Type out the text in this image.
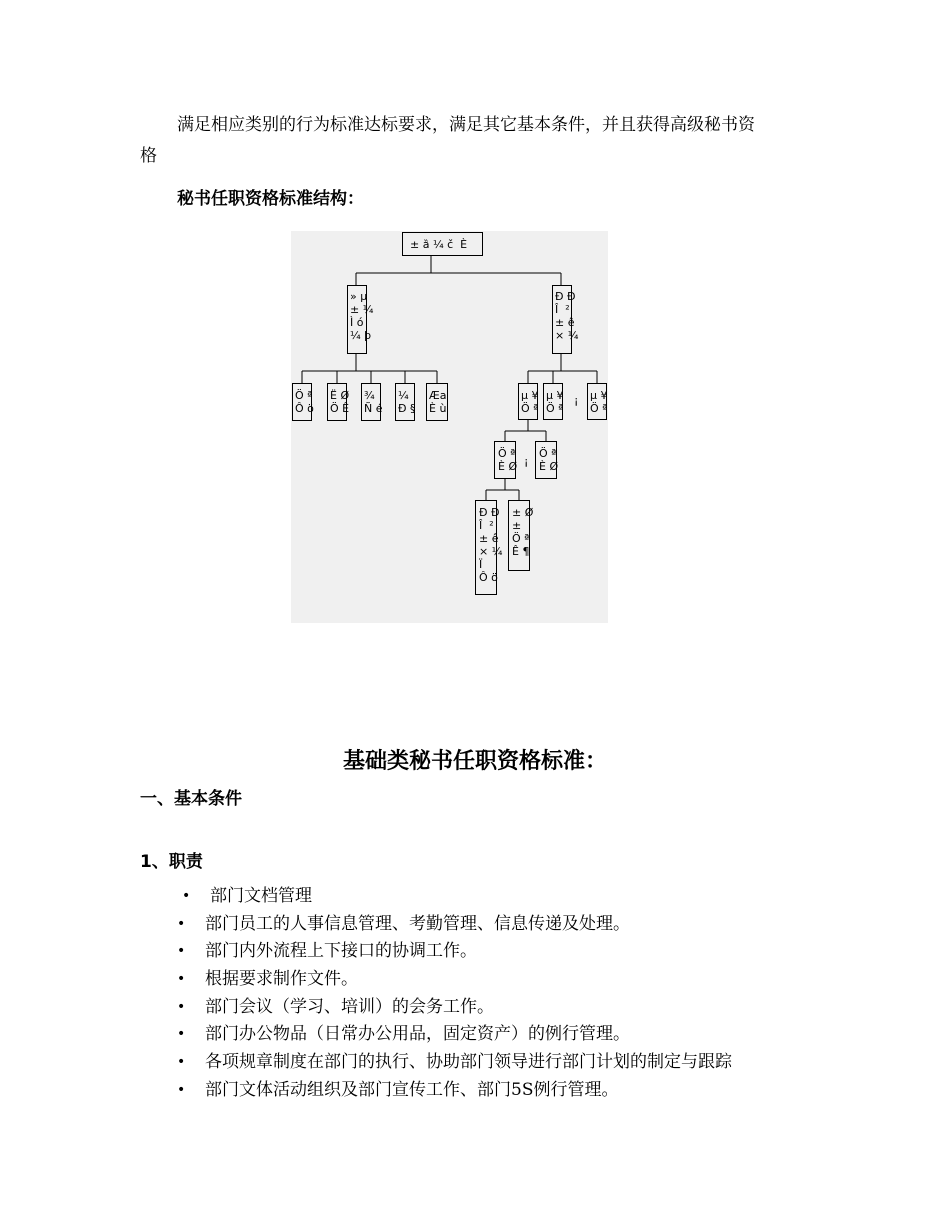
满足相应类别的行为标准达标要求，满足其它基本条件，并且获得高级秘书资
格
秘书任职资格标准结构：
± ȁ ¼ č  È
» µ
± ¼
Ì ó
¼ þ
Ð Ð
Î  ²
± ê
× ¼
Ö ª
Ô ö
Ë Ø
Ö Ê
¾
Ñ é
¼
Ð §
Æa
È ù
µ ¥
Ö ª
µ ¥
Ö ª
¡ µ ¥
Ö ª
Ö ª
È Ø ¡
Ö ª
È Ø
Ð Ð
Î  ²
± ê
× ¼
Ï
Ô ö
± Ø
±
Ö ª
Ê ¶
基础类秘书任职资格标准：
一、基本条件
1、职责
• 部门文档管理
• 部门员工的人事信息管理、考勤管理、信息传递及处理。
• 部门内外流程上下接口的协调工作。
• 根据要求制作文件。
• 部门会议（学习、培训）的会务工作。
• 部门办公物品（日常办公用品，固定资产）的例行管理。
• 各项规章制度在部门的执行、协助部门领导进行部门计划的制定与跟踪
• 部门文体活动组织及部门宣传工作、部门5S例行管理。
